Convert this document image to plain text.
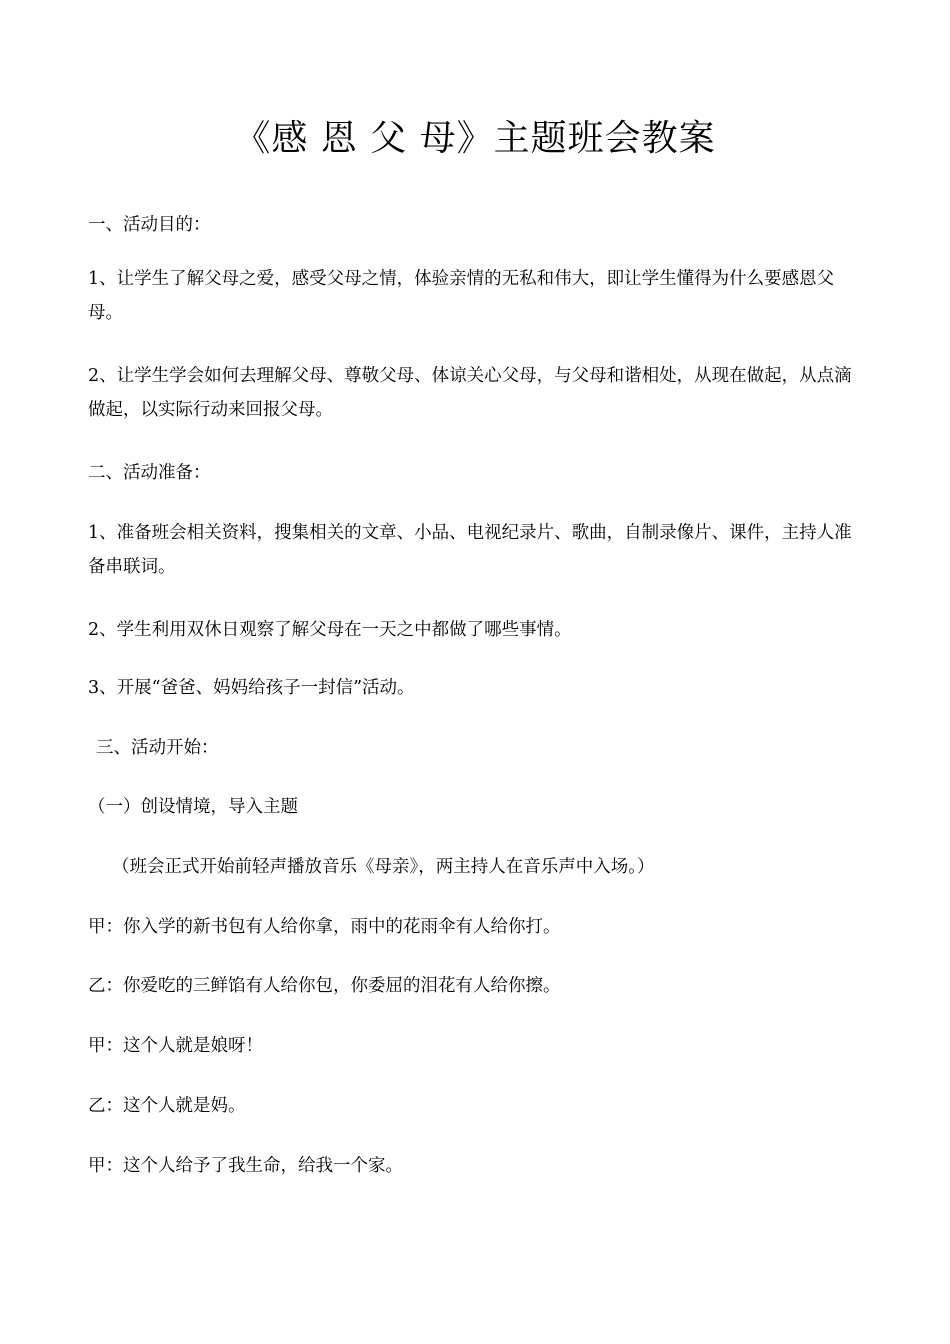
《感 恩 父 母》主题班会教案

一、活动目的：

1、让学生了解父母之爱，感受父母之情，体验亲情的无私和伟大，即让学生懂得为什么要感恩父母。

2、让学生学会如何去理解父母、尊敬父母、体谅关心父母，与父母和谐相处，从现在做起，从点滴做起，以实际行动来回报父母。

二、活动准备：

1、准备班会相关资料，搜集相关的文章、小品、电视纪录片、歌曲，自制录像片、课件，主持人准备串联词。

2、学生利用双休日观察了解父母在一天之中都做了哪些事情。

3、开展“爸爸、妈妈给孩子一封信”活动。

三、活动开始：

（一）创设情境，导入主题

（班会正式开始前轻声播放音乐《母亲》，两主持人在音乐声中入场。）

甲：你入学的新书包有人给你拿，雨中的花雨伞有人给你打。

乙：你爱吃的三鲜馅有人给你包，你委屈的泪花有人给你擦。

甲：这个人就是娘呀！

乙：这个人就是妈。

甲：这个人给予了我生命，给我一个家。
